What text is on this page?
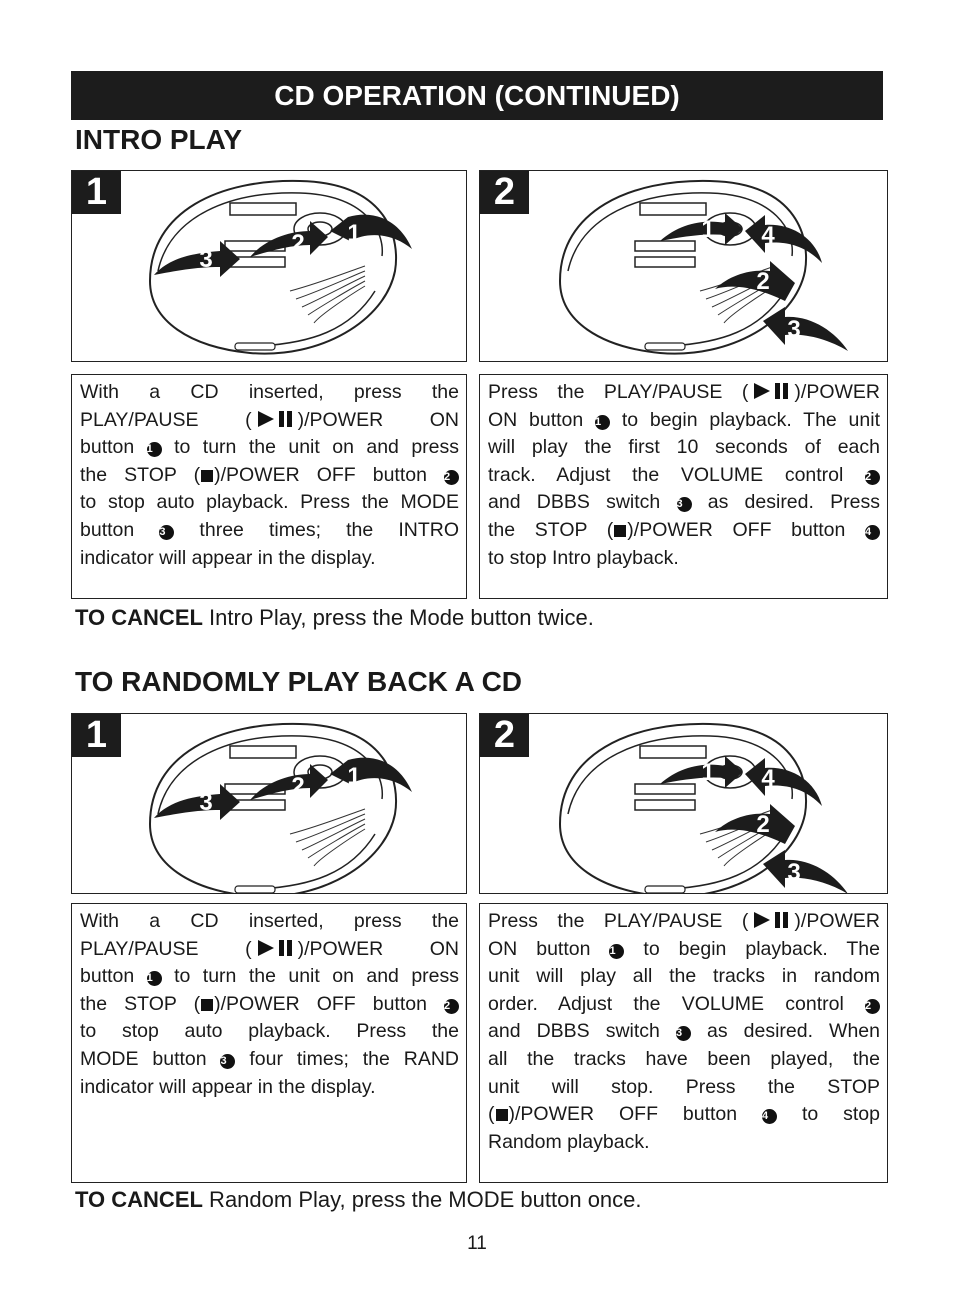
CD OPERATION (CONTINUED)
INTRO PLAY
1
1
2
3
2
1
2
4
3
With a CD inserted, press the
PLAY/PAUSE ( )/POWER ON
button 1 to turn the unit on and press
the STOP ( )/POWER OFF button 2
to stop auto playback. Press the MODE
button 3 three times; the INTRO
indicator will appear in the display.
Press the PLAY/PAUSE ( )/POWER
ON button 1 to begin playback. The unit
will play the first 10 seconds of each
track. Adjust the VOLUME control 2
and DBBS switch 3 as desired. Press
the STOP ( )/POWER OFF button 4
to stop Intro playback.
TO CANCEL Intro Play, press the Mode button twice.
TO RANDOMLY PLAY BACK A CD
1
1
2
3
2
1
2
4
3
With a CD inserted, press the
PLAY/PAUSE ( )/POWER ON
button 1 to turn the unit on and press
the STOP ( )/POWER OFF button 2
to stop auto playback. Press the
MODE button 3 four times; the RAND
indicator will appear in the display.
Press the PLAY/PAUSE ( )/POWER
ON button 1 to begin playback. The
unit will play all the tracks in random
order. Adjust the VOLUME control 2
and DBBS switch 3 as desired. When
all the tracks have been played, the
unit will stop. Press the STOP
( )/POWER OFF button 4 to stop
Random playback.
TO CANCEL Random Play, press the MODE button once.
11
